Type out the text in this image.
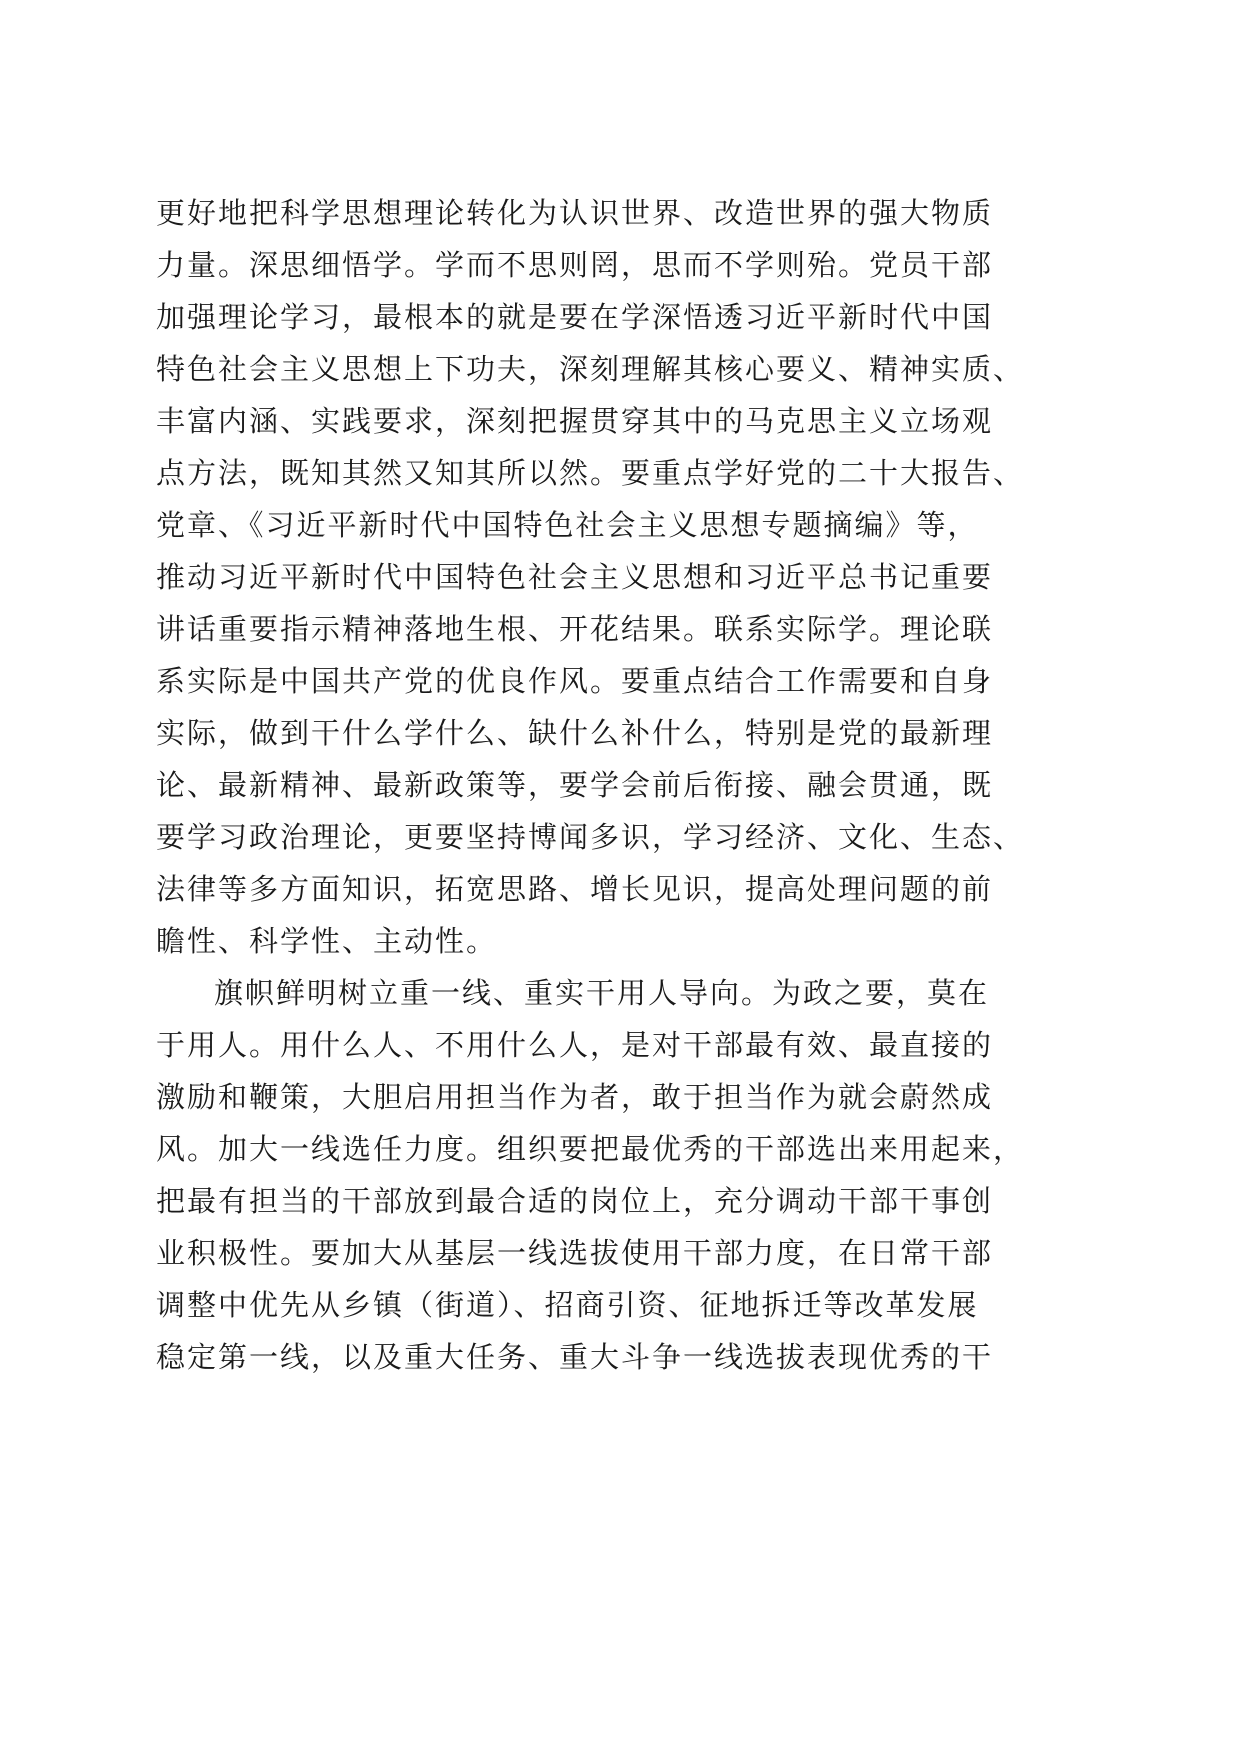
更好地把科学思想理论转化为认识世界、改造世界的强大物质
力量。深思细悟学。学而不思则罔，思而不学则殆。党员干部
加强理论学习，最根本的就是要在学深悟透习近平新时代中国
特色社会主义思想上下功夫，深刻理解其核心要义、精神实质、
丰富内涵、实践要求，深刻把握贯穿其中的马克思主义立场观
点方法，既知其然又知其所以然。要重点学好党的二十大报告、
党章、《习近平新时代中国特色社会主义思想专题摘编》等，
推动习近平新时代中国特色社会主义思想和习近平总书记重要
讲话重要指示精神落地生根、开花结果。联系实际学。理论联
系实际是中国共产党的优良作风。要重点结合工作需要和自身
实际，做到干什么学什么、缺什么补什么，特别是党的最新理
论、最新精神、最新政策等，要学会前后衔接、融会贯通，既
要学习政治理论，更要坚持博闻多识，学习经济、文化、生态、
法律等多方面知识，拓宽思路、增长见识，提高处理问题的前
瞻性、科学性、主动性。
旗帜鲜明树立重一线、重实干用人导向。为政之要，莫在
于用人。用什么人、不用什么人，是对干部最有效、最直接的
激励和鞭策，大胆启用担当作为者，敢于担当作为就会蔚然成
风。加大一线选任力度。组织要把最优秀的干部选出来用起来，
把最有担当的干部放到最合适的岗位上，充分调动干部干事创
业积极性。要加大从基层一线选拔使用干部力度，在日常干部
调整中优先从乡镇（街道）、招商引资、征地拆迁等改革发展
稳定第一线，以及重大任务、重大斗争一线选拔表现优秀的干
